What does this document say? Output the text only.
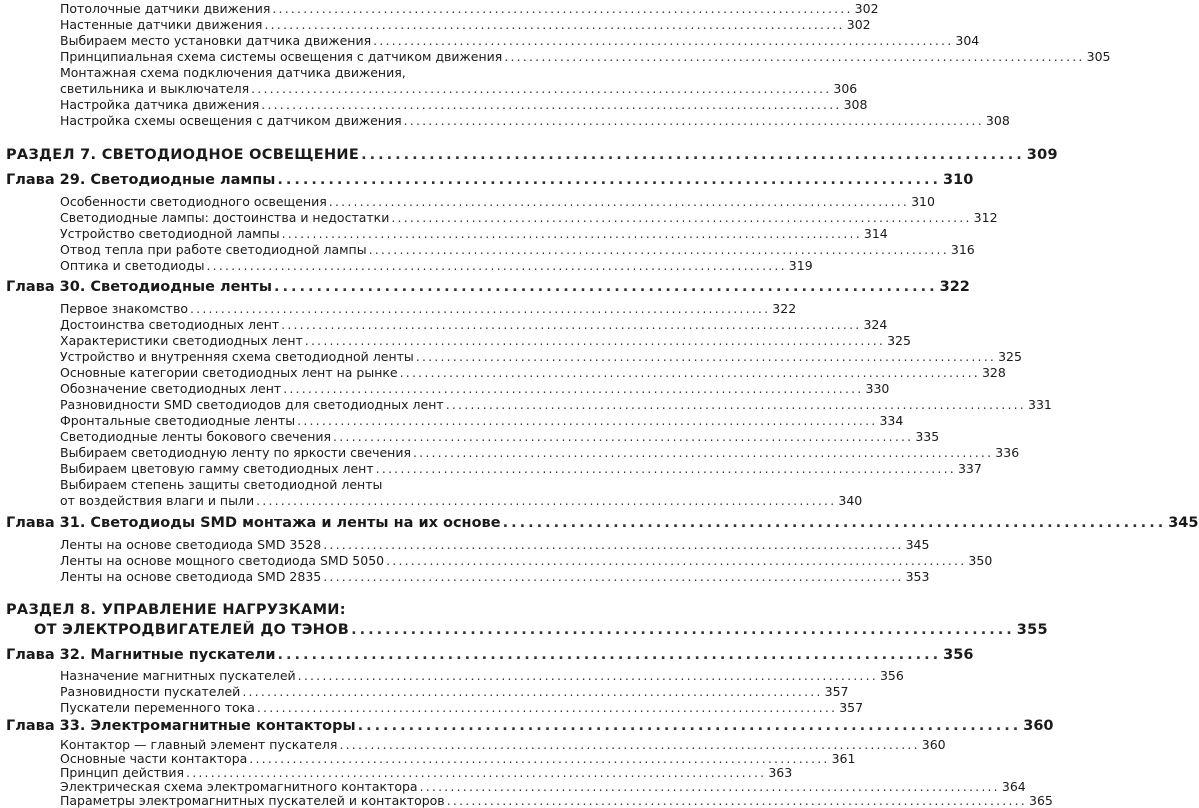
Потолочные датчики движения .............................................................................................. 302
Настенные датчики движения .............................................................................................. 302
Выбираем место установки датчика движения .............................................................................................. 304
Принципиальная схема системы освещения с датчиком движения .............................................................................................. 305
Монтажная схема подключения датчика движения,
светильника и выключателя .............................................................................................. 306
Настройка датчика движения .............................................................................................. 308
Настройка схемы освещения с датчиком движения .............................................................................................. 308
РАЗДЕЛ 7. СВЕТОДИОДНОЕ ОСВЕЩЕНИЕ .............................................................................. 309
Глава 29. Светодиодные лампы .............................................................................. 310
Особенности светодиодного освещения .............................................................................................. 310
Светодиодные лампы: достоинства и недостатки .............................................................................................. 312
Устройство светодиодной лампы .............................................................................................. 314
Отвод тепла при работе светодиодной лампы .............................................................................................. 316
Оптика и светодиоды .............................................................................................. 319
Глава 30. Светодиодные ленты .............................................................................. 322
Первое знакомство .............................................................................................. 322
Достоинства светодиодных лент .............................................................................................. 324
Характеристики светодиодных лент .............................................................................................. 325
Устройство и внутренняя схема светодиодной ленты .............................................................................................. 325
Основные категории светодиодных лент на рынке .............................................................................................. 328
Обозначение светодиодных лент .............................................................................................. 330
Разновидности SMD светодиодов для светодиодных лент .............................................................................................. 331
Фронтальные светодиодные ленты .............................................................................................. 334
Светодиодные ленты бокового свечения .............................................................................................. 335
Выбираем светодиодную ленту по яркости свечения .............................................................................................. 336
Выбираем цветовую гамму светодиодных лент .............................................................................................. 337
Выбираем степень защиты светодиодной ленты
от воздействия влаги и пыли .............................................................................................. 340
Глава 31. Светодиоды SMD монтажа и ленты на их основе .............................................................................. 345
Ленты на основе светодиода SMD 3528 .............................................................................................. 345
Ленты на основе мощного светодиода SMD 5050 .............................................................................................. 350
Ленты на основе светодиода SMD 2835 .............................................................................................. 353
РАЗДЕЛ 8. УПРАВЛЕНИЕ НАГРУЗКАМИ:
ОТ ЭЛЕКТРОДВИГАТЕЛЕЙ ДО ТЭНОВ .............................................................................. 355
Глава 32. Магнитные пускатели .............................................................................. 356
Назначение магнитных пускателей .............................................................................................. 356
Разновидности пускателей .............................................................................................. 357
Пускатели переменного тока .............................................................................................. 357
Глава 33. Электромагнитные контакторы .............................................................................. 360
Контактор — главный элемент пускателя .............................................................................................. 360
Основные части контактора .............................................................................................. 361
Принцип действия .............................................................................................. 363
Электрическая схема электромагнитного контактора .............................................................................................. 364
Параметры электромагнитных пускателей и контакторов .............................................................................................. 365
